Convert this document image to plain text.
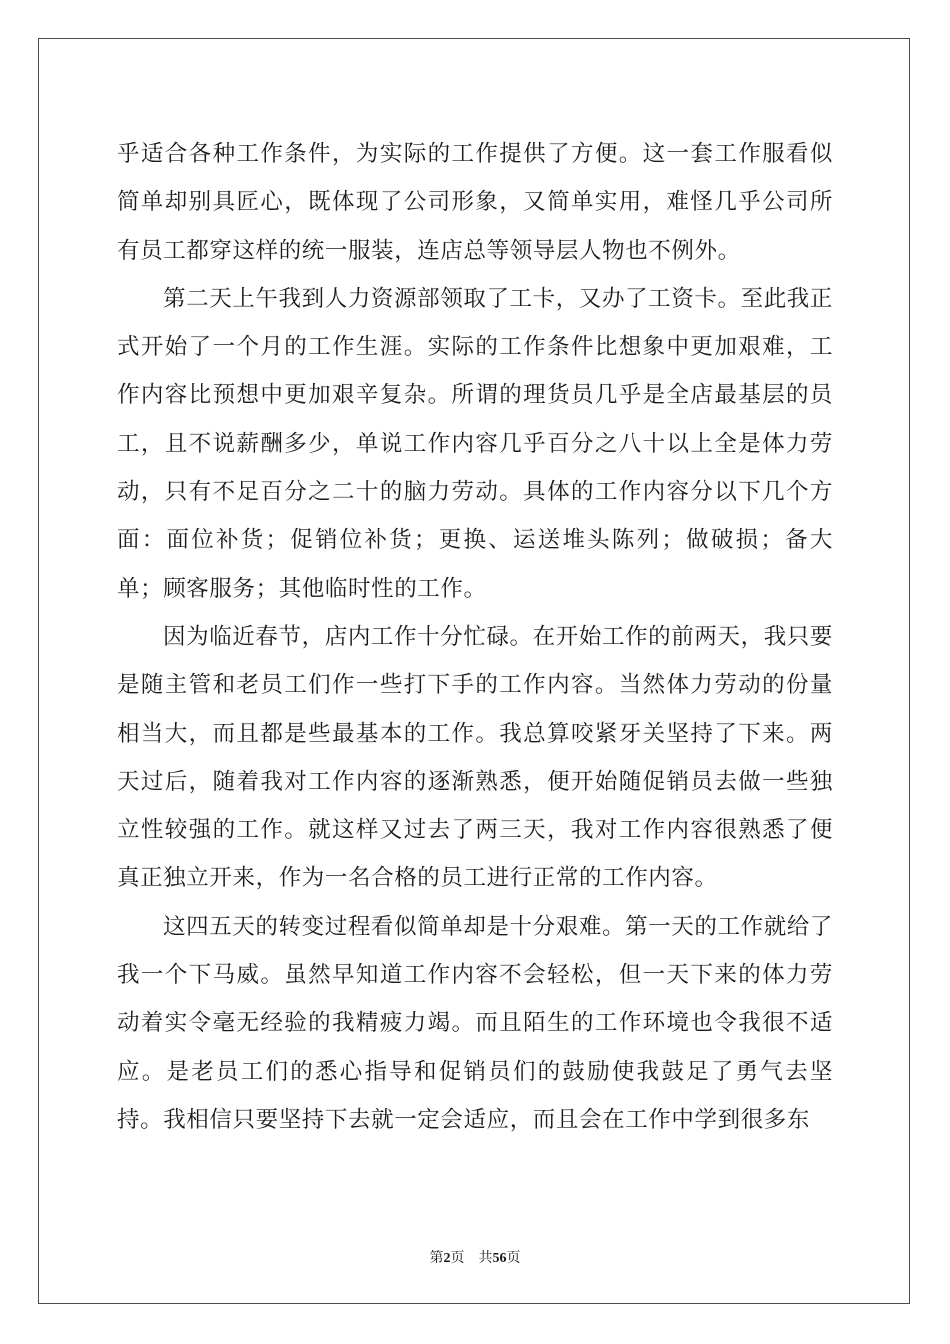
乎适合各种工作条件，为实际的工作提供了方便。这一套工作服看似简单却别具匠心，既体现了公司形象，又简单实用，难怪几乎公司所有员工都穿这样的统一服装，连店总等领导层人物也不例外。

第二天上午我到人力资源部领取了工卡，又办了工资卡。至此我正式开始了一个月的工作生涯。实际的工作条件比想象中更加艰难，工作内容比预想中更加艰辛复杂。所谓的理货员几乎是全店最基层的员工，且不说薪酬多少，单说工作内容几乎百分之八十以上全是体力劳动，只有不足百分之二十的脑力劳动。具体的工作内容分以下几个方面：面位补货；促销位补货；更换、运送堆头陈列；做破损；备大单；顾客服务；其他临时性的工作。

因为临近春节，店内工作十分忙碌。在开始工作的前两天，我只要是随主管和老员工们作一些打下手的工作内容。当然体力劳动的份量相当大，而且都是些最基本的工作。我总算咬紧牙关坚持了下来。两天过后，随着我对工作内容的逐渐熟悉，便开始随促销员去做一些独立性较强的工作。就这样又过去了两三天，我对工作内容很熟悉了便真正独立开来，作为一名合格的员工进行正常的工作内容。

这四五天的转变过程看似简单却是十分艰难。第一天的工作就给了我一个下马威。虽然早知道工作内容不会轻松，但一天下来的体力劳动着实令毫无经验的我精疲力竭。而且陌生的工作环境也令我很不适应。是老员工们的悉心指导和促销员们的鼓励使我鼓足了勇气去坚持。我相信只要坚持下去就一定会适应，而且会在工作中学到很多东

第2页 共56页
